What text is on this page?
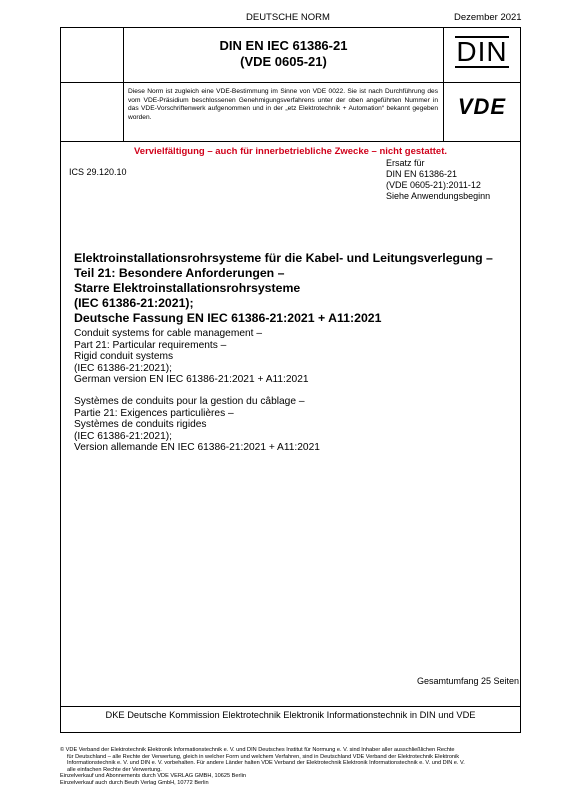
DEUTSCHE NORM	Dezember 2021
DIN EN IEC 61386-21
(VDE 0605-21)	DIN
Diese Norm ist zugleich eine VDE-Bestimmung im Sinne von VDE 0022. Sie ist nach Durchführung des vom VDE-Präsidium beschlossenen Genehmigungsverfahrens unter der oben angeführten Nummer in das VDE-Vorschriftenwerk aufgenommen und in der „etz Elektrotechnik + Automation“ bekannt gegeben worden.	VDE
Vervielfältigung – auch für innerbetriebliche Zwecke – nicht gestattet.
ICS 29.120.10
Ersatz für
DIN EN 61386-21
(VDE 0605-21):2011-12
Siehe Anwendungsbeginn
Elektroinstallationsrohrsysteme für die Kabel- und Leitungsverlegung –
Teil 21: Besondere Anforderungen –
Starre Elektroinstallationsrohrsysteme
(IEC 61386-21:2021);
Deutsche Fassung EN IEC 61386-21:2021 + A11:2021
Conduit systems for cable management –
Part 21: Particular requirements –
Rigid conduit systems
(IEC 61386-21:2021);
German version EN IEC 61386-21:2021 + A11:2021
Systèmes de conduits pour la gestion du câblage –
Partie 21: Exigences particulières –
Systèmes de conduits rigides
(IEC 61386-21:2021);
Version allemande EN IEC 61386-21:2021 + A11:2021
Gesamtumfang 25 Seiten
DKE Deutsche Kommission Elektrotechnik Elektronik Informationstechnik in DIN und VDE
© VDE Verband der Elektrotechnik Elektronik Informationstechnik e. V. und DIN Deutsches Institut für Normung e. V. sind Inhaber aller ausschließlichen Rechte
für Deutschland – alle Rechte der Verwertung, gleich in welcher Form und welchem Verfahren, sind in Deutschland VDE Verband der Elektrotechnik Elektronik
Informationstechnik e. V. und DIN e. V. vorbehalten. Für andere Länder halten VDE Verband der Elektrotechnik Elektronik Informationstechnik e. V. und DIN e. V.
alle einfachen Rechte der Verwertung.
Einzelverkauf und Abonnements durch VDE VERLAG GMBH, 10625 Berlin
Einzelverkauf auch durch Beuth Verlag GmbH, 10772 Berlin
